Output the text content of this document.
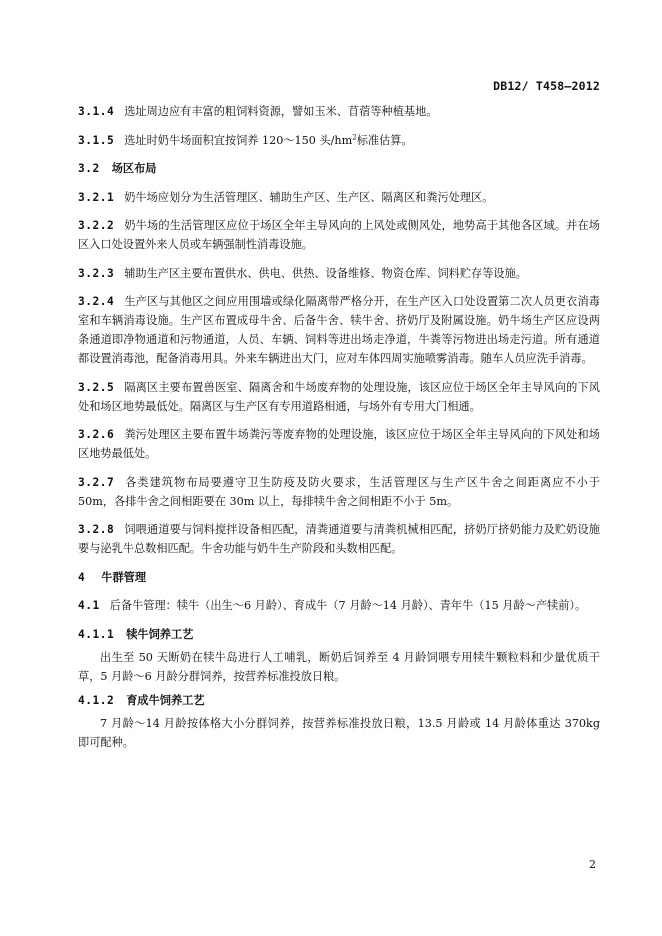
DB12/ T458—2012

3.1.4 选址周边应有丰富的粗饲料资源，譬如玉米、苜蓿等种植基地。

3.1.5 选址时奶牛场面积宜按饲养 120～150 头$/hm^2$标准估算。

3.2 场区布局

3.2.1 奶牛场应划分为生活管理区、辅助生产区、生产区、隔离区和粪污处理区。

3.2.2 奶牛场的生活管理区应位于场区全年主导风向的上风处或侧风处，地势高于其他各区域。并在场区入口处设置外来人员或车辆强制性消毒设施。

3.2.3 辅助生产区主要布置供水、供电、供热、设备维修、物资仓库、饲料贮存等设施。

3.2.4 生产区与其他区之间应用围墙或绿化隔离带严格分开，在生产区入口处设置第二次人员更衣消毒室和车辆消毒设施。生产区布置成母牛舍、后备牛舍、犊牛舍、挤奶厅及附属设施。奶牛场生产区应设两条通道即净物通道和污物通道，人员、车辆、饲料等进出场走净道，牛粪等污物进出场走污道。所有通道都设置消毒池，配备消毒用具。外来车辆进出大门，应对车体四周实施喷雾消毒。随车人员应洗手消毒。

3.2.5 隔离区主要布置兽医室、隔离舍和牛场废弃物的处理设施，该区应位于场区全年主导风向的下风处和场区地势最低处。隔离区与生产区有专用道路相通，与场外有专用大门相通。

3.2.6 粪污处理区主要布置牛场粪污等废弃物的处理设施，该区应位于场区全年主导风向的下风处和场区地势最低处。

3.2.7 各类建筑物布局要遵守卫生防疫及防火要求，生活管理区与生产区牛舍之间距离应不小于 50m，各排牛舍之间相距要在 30m 以上，每排犊牛舍之间相距不小于 5m。

3.2.8 饲喂通道要与饲料搅拌设备相匹配，清粪通道要与清粪机械相匹配，挤奶厅挤奶能力及贮奶设施要与泌乳牛总数相匹配。牛舍功能与奶牛生产阶段和头数相匹配。

4 牛群管理

4.1 后备牛管理：犊牛（出生～6 月龄）、育成牛（7 月龄～14 月龄）、青年牛（15 月龄～产犊前）。

4.1.1 犊牛饲养工艺

出生至 50 天断奶在犊牛岛进行人工哺乳，断奶后饲养至 4 月龄饲喂专用犊牛颗粒料和少量优质干草，5 月龄～6 月龄分群饲养，按营养标准投放日粮。

4.1.2 育成牛饲养工艺

7 月龄～14 月龄按体格大小分群饲养，按营养标准投放日粮，13.5 月龄或 14 月龄体重达 370kg 即可配种。

2
